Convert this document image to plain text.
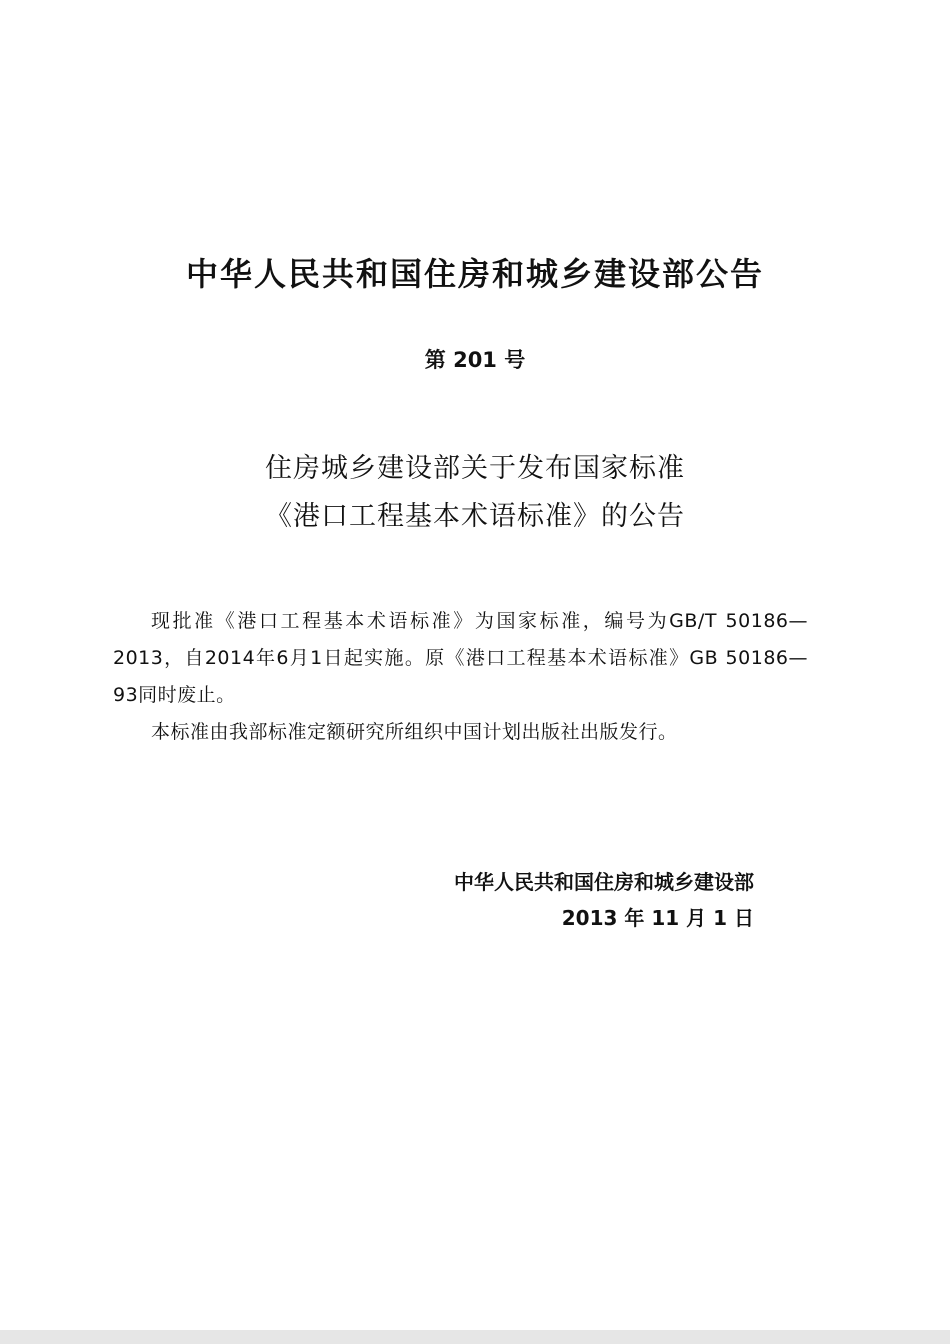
中华人民共和国住房和城乡建设部公告
第 201 号
住房城乡建设部关于发布国家标准
《港口工程基本术语标准》的公告

现批准《港口工程基本术语标准》为国家标准，编号为GB/T 50186—2013，自2014年6月1日起实施。原《港口工程基本术语标准》GB 50186—93同时废止。

本标准由我部标准定额研究所组织中国计划出版社出版发行。

中华人民共和国住房和城乡建设部
2013 年 11 月 1 日
